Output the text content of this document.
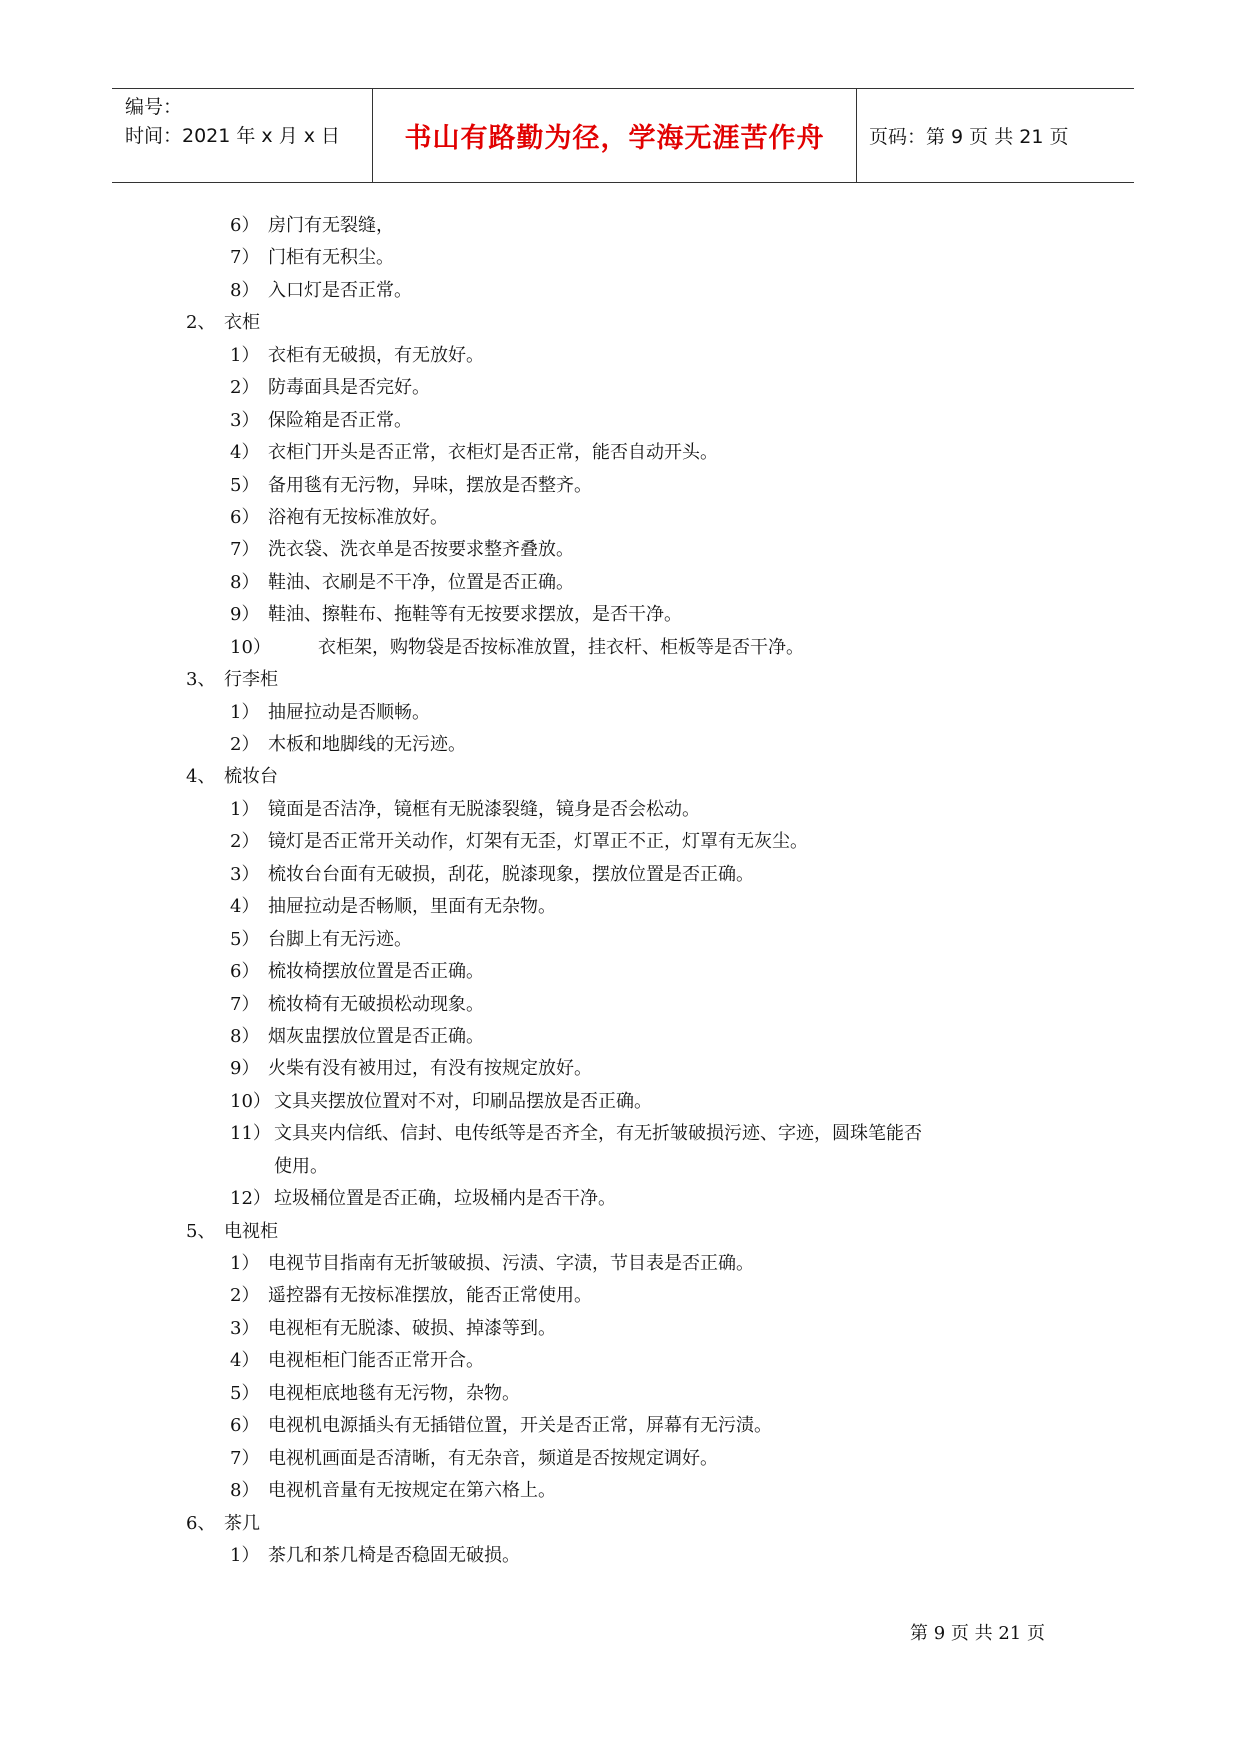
编号：
时间：2021 年 x 月 x 日	书山有路勤为径，学海无涯苦作舟	页码：第 9 页 共 21 页
6） 房门有无裂缝，
7） 门柜有无积尘。
8） 入口灯是否正常。
2、 衣柜
1） 衣柜有无破损，有无放好。
2） 防毒面具是否完好。
3） 保险箱是否正常。
4） 衣柜门开头是否正常，衣柜灯是否正常，能否自动开头。
5） 备用毯有无污物，异味，摆放是否整齐。
6） 浴袍有无按标准放好。
7） 洗衣袋、洗衣单是否按要求整齐叠放。
8） 鞋油、衣刷是不干净，位置是否正确。
9） 鞋油、擦鞋布、拖鞋等有无按要求摆放，是否干净。
10）	衣柜架，购物袋是否按标准放置，挂衣杆、柜板等是否干净。
3、 行李柜
1） 抽屉拉动是否顺畅。
2） 木板和地脚线的无污迹。
4、 梳妆台
1） 镜面是否洁净，镜框有无脱漆裂缝，镜身是否会松动。
2） 镜灯是否正常开关动作，灯架有无歪，灯罩正不正，灯罩有无灰尘。
3） 梳妆台台面有无破损，刮花，脱漆现象，摆放位置是否正确。
4） 抽屉拉动是否畅顺，里面有无杂物。
5） 台脚上有无污迹。
6） 梳妆椅摆放位置是否正确。
7） 梳妆椅有无破损松动现象。
8） 烟灰盅摆放位置是否正确。
9） 火柴有没有被用过，有没有按规定放好。
10） 文具夹摆放位置对不对，印刷品摆放是否正确。
11） 文具夹内信纸、信封、电传纸等是否齐全，有无折皱破损污迹、字迹，圆珠笔能否
使用。
12） 垃圾桶位置是否正确，垃圾桶内是否干净。
5、 电视柜
1） 电视节目指南有无折皱破损、污渍、字渍，节目表是否正确。
2） 遥控器有无按标准摆放，能否正常使用。
3） 电视柜有无脱漆、破损、掉漆等到。
4） 电视柜柜门能否正常开合。
5） 电视柜底地毯有无污物，杂物。
6） 电视机电源插头有无插错位置，开关是否正常，屏幕有无污渍。
7） 电视机画面是否清晰，有无杂音，频道是否按规定调好。
8） 电视机音量有无按规定在第六格上。
6、 茶几
1） 茶几和茶几椅是否稳固无破损。
第 9 页 共 21 页
